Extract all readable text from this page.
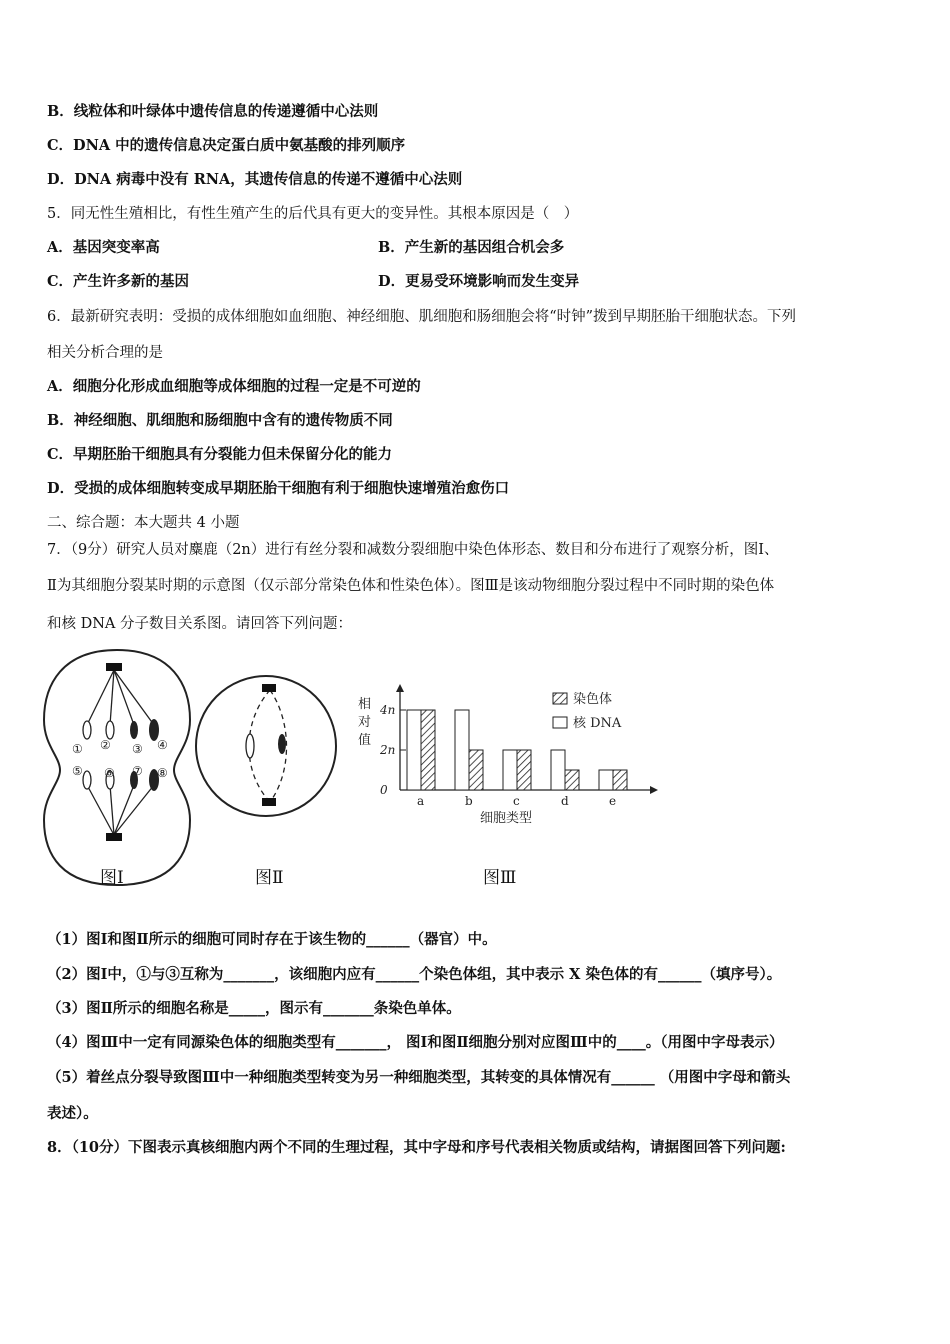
B．线粒体和叶绿体中遗传信息的传递遵循中心法则
C．DNA 中的遗传信息决定蛋白质中氨基酸的排列顺序
D．DNA 病毒中没有 RNA，其遗传信息的传递不遵循中心法则
5．同无性生殖相比，有性生殖产生的后代具有更大的变异性。其根本原因是（　）
A．基因突变率高	B．产生新的基因组合机会多
C．产生许多新的基因	D．更易受环境影响而发生变异
6．最新研究表明：受损的成体细胞如血细胞、神经细胞、肌细胞和肠细胞会将“时钟”拨到早期胚胎干细胞状态。下列
相关分析合理的是
A．细胞分化形成血细胞等成体细胞的过程一定是不可逆的
B．神经细胞、肌细胞和肠细胞中含有的遗传物质不同
C．早期胚胎干细胞具有分裂能力但未保留分化的能力
D．受损的成体细胞转变成早期胚胎干细胞有利于细胞快速增殖治愈伤口
二、综合题：本大题共 4 小题
7．（9分）研究人员对麋鹿（2n）进行有丝分裂和减数分裂细胞中染色体形态、数目和分布进行了观察分析，图Ⅰ、
Ⅱ为其细胞分裂某时期的示意图（仅示部分常染色体和性染色体）。图Ⅲ是该动物细胞分裂过程中不同时期的染色体
和核 DNA 分子数目关系图。请回答下列问题：
① ② ③ ④
⑤ ⑥ ⑦ ⑧
相
对
值
4n
2n
0
a	b	c	d	e
细胞类型
染色体
核 DNA
图Ⅰ	图Ⅱ	图Ⅲ
（1）图Ⅰ和图Ⅱ所示的细胞可同时存在于该生物的______（器官）中。
（2）图Ⅰ中，①与③互称为_______，该细胞内应有______个染色体组，其中表示 X 染色体的有______（填序号）。
（3）图Ⅱ所示的细胞名称是_____，图示有_______条染色单体。
（4）图Ⅲ中一定有同源染色体的细胞类型有_______， 图Ⅰ和图Ⅱ细胞分别对应图Ⅲ中的____。（用图中字母表示）
（5）着丝点分裂导致图Ⅲ中一种细胞类型转变为另一种细胞类型，其转变的具体情况有______ （用图中字母和箭头
表述）。
8．（10分）下图表示真核细胞内两个不同的生理过程，其中字母和序号代表相关物质或结构，请据图回答下列问题:
